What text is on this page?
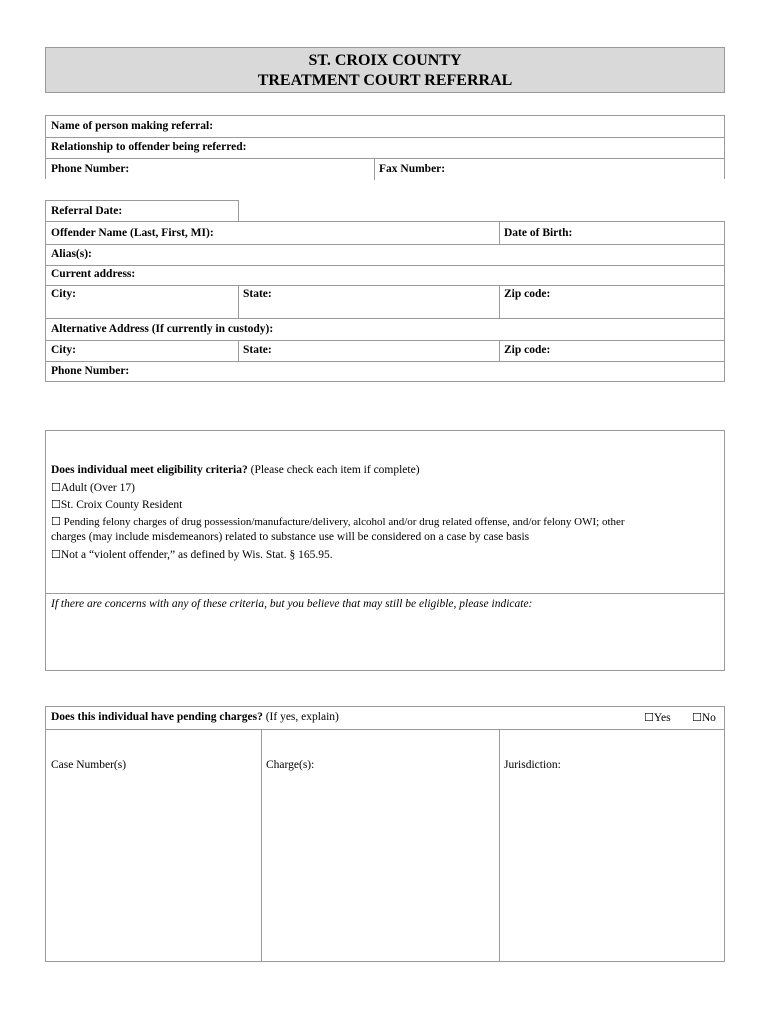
ST. CROIX COUNTY
TREATMENT COURT REFERRAL
Name of person making referral:
Relationship to offender being referred:
Phone Number:	Fax Number:
Referral Date:
Offender Name (Last, First, MI):	Date of Birth:
Alias(s):
Current address:
City:	State:	Zip code:
Alternative Address (If currently in custody):
City:	State:	Zip code:
Phone Number:
Does individual meet eligibility criteria? (Please check each item if complete)
☐Adult (Over 17)
☐St. Croix County Resident
☐ Pending felony charges of drug possession/manufacture/delivery, alcohol and/or drug related offense, and/or felony OWI; other
charges (may include misdemeanors) related to substance use will be considered on a case by case basis
☐Not a “violent offender,” as defined by Wis. Stat. § 165.95.
If there are concerns with any of these criteria, but you believe that may still be eligible, please indicate:
Does this individual have pending charges? (If yes, explain)	☐Yes ☐No
Case Number(s)	Charge(s):	Jurisdiction:
